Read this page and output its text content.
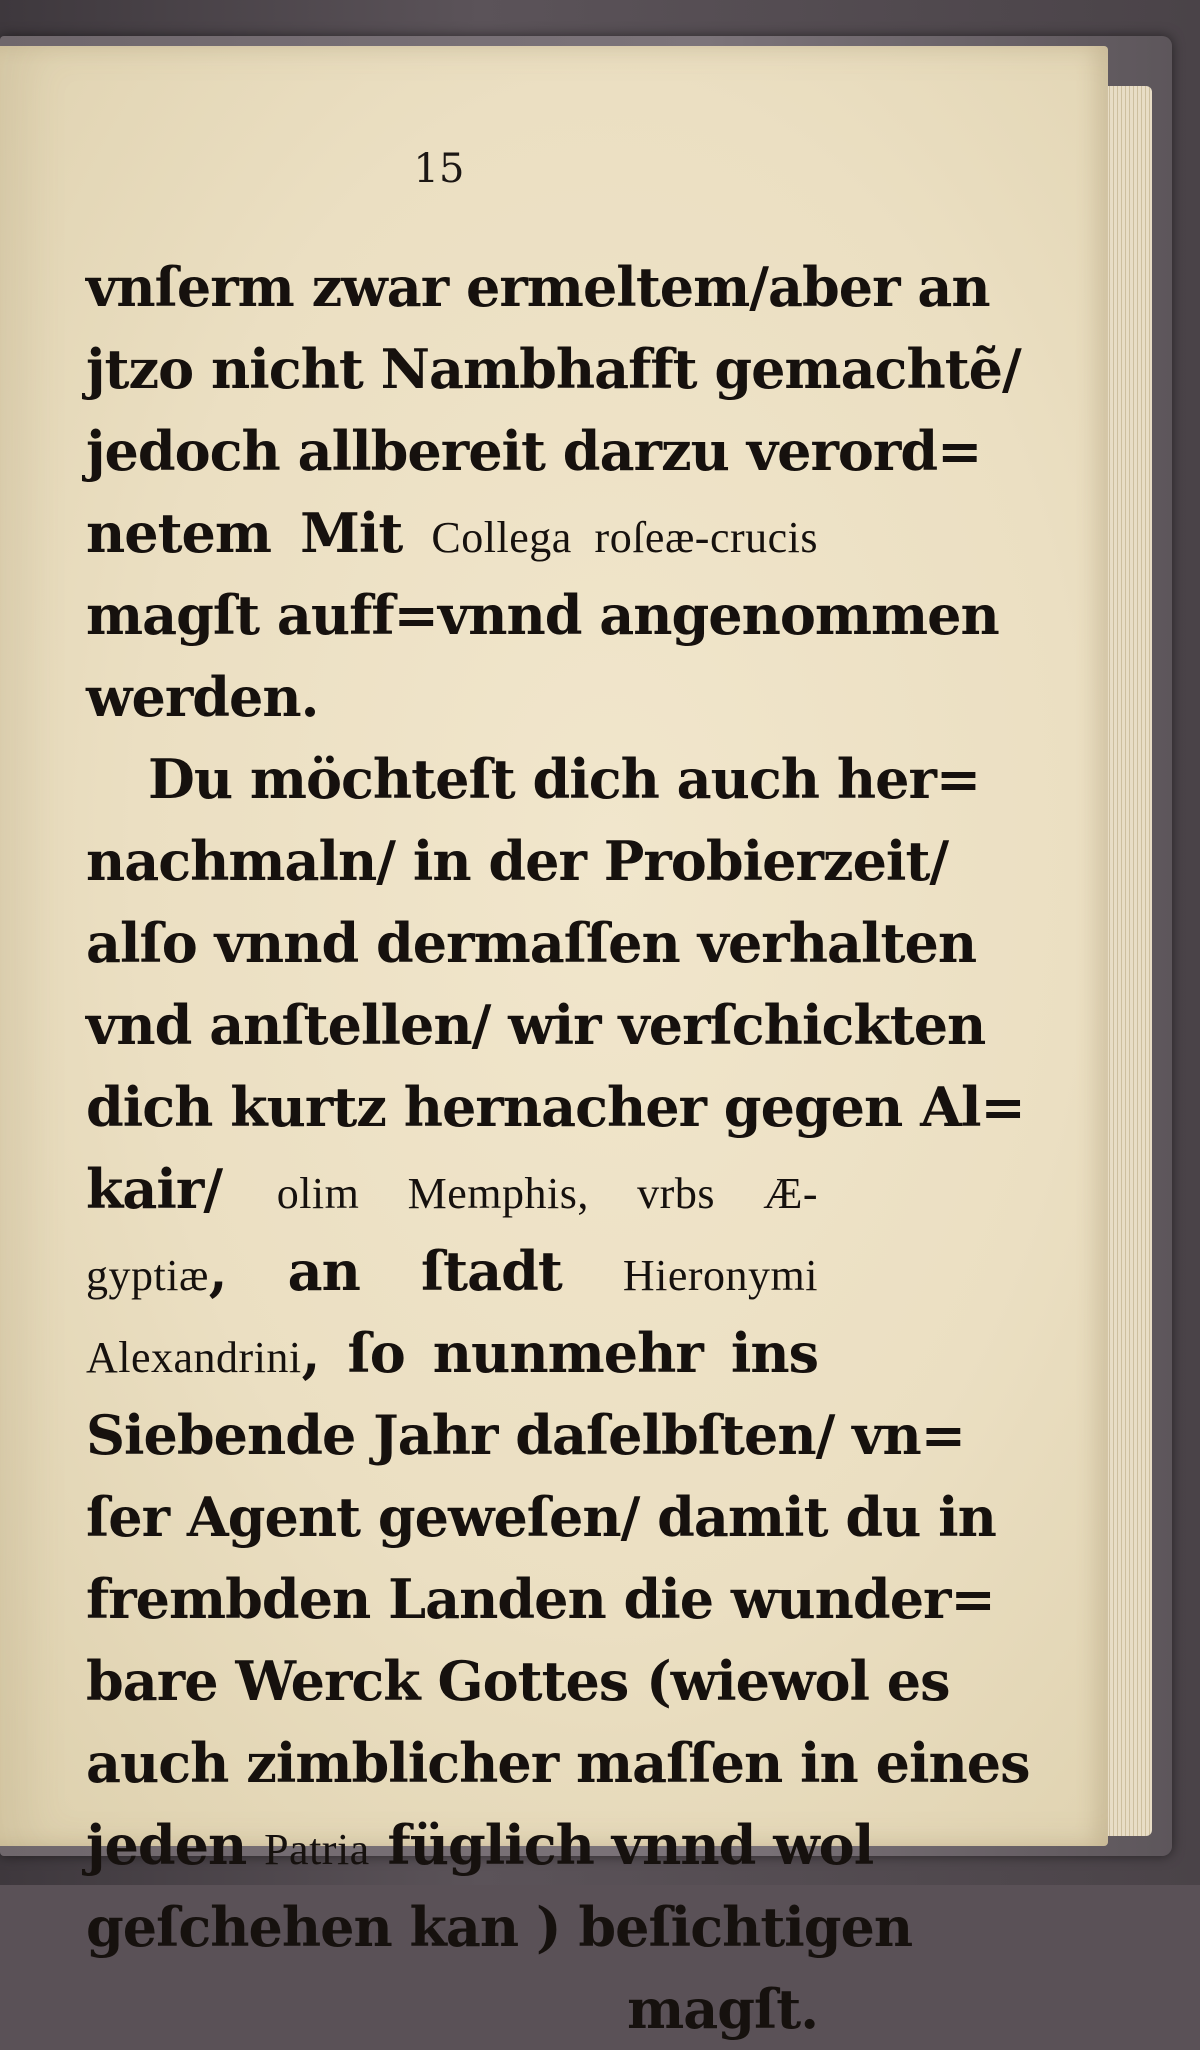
15
vnſerm zwar ermeltem/aber an
jtzo nicht Nambhafft gemachtẽ/
jedoch allbereit darzu verord=
netem Mit Collega roſeæ-crucis
magſt auff=vnnd angenommen
werden.
Du möchteſt dich auch her=
nachmaln/ in der Probierzeit/
alſo vnnd dermaſſen verhalten
vnd anſtellen/ wir verſchickten
dich kurtz hernacher gegen Al=
kair/ olim Memphis, vrbs Æ-
gyptiæ, an ſtadt Hieronymi
Alexandrini, ſo nunmehr ins
Siebende Jahr daſelbſten/ vn=
ſer Agent geweſen/ damit du in
frembden Landen die wunder=
bare Werck Gottes (wiewol es
auch zimblicher maſſen in eines
jeden Patria füglich vnnd wol
geſchehen kan ) beſichtigen
magſt.
